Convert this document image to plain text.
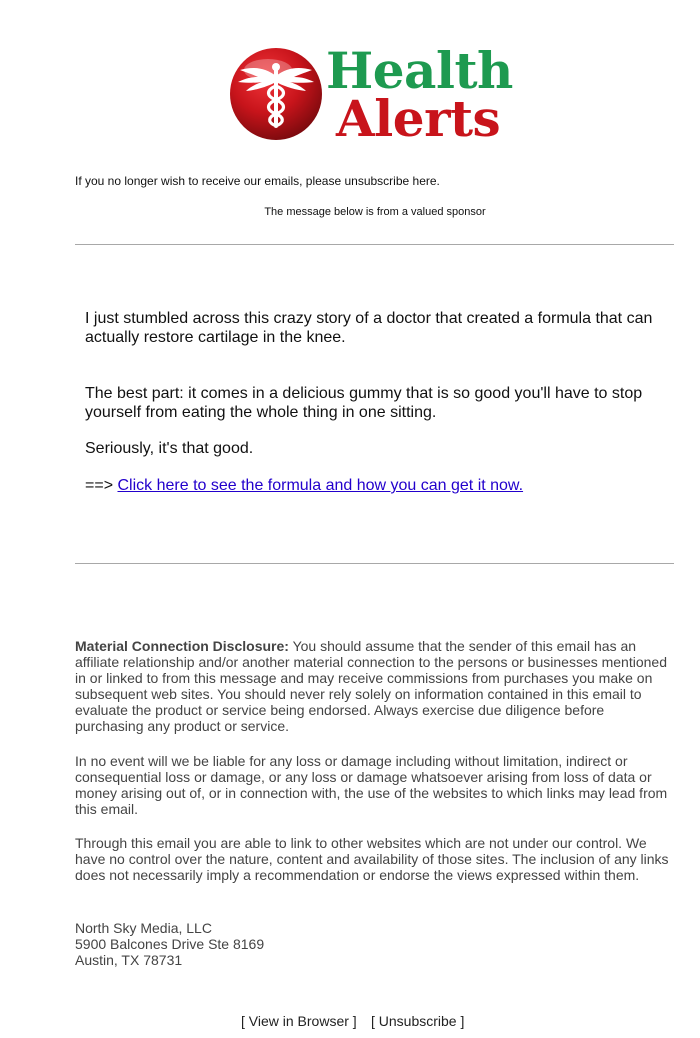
Health
Alerts
If you no longer wish to receive our emails, please unsubscribe here.
The message below is from a valued sponsor
I just stumbled across this crazy story of a doctor that created a formula that can actually restore cartilage in the knee.
The best part: it comes in a delicious gummy that is so good you'll have to stop yourself from eating the whole thing in one sitting.
Seriously, it's that good.
==> Click here to see the formula and how you can get it now.
Material Connection Disclosure: You should assume that the sender of this email has an affiliate relationship and/or another material connection to the persons or businesses mentioned in or linked to from this message and may receive commissions from purchases you make on subsequent web sites. You should never rely solely on information contained in this email to evaluate the product or service being endorsed. Always exercise due diligence before purchasing any product or service.
In no event will we be liable for any loss or damage including without limitation, indirect or consequential loss or damage, or any loss or damage whatsoever arising from loss of data or money arising out of, or in connection with, the use of the websites to which links may lead from this email.
Through this email you are able to link to other websites which are not under our control. We have no control over the nature, content and availability of those sites. The inclusion of any links does not necessarily imply a recommendation or endorse the views expressed within them.
North Sky Media, LLC
5900 Balcones Drive Ste 8169
Austin, TX 78731
[ View in Browser ] [ Unsubscribe ]
